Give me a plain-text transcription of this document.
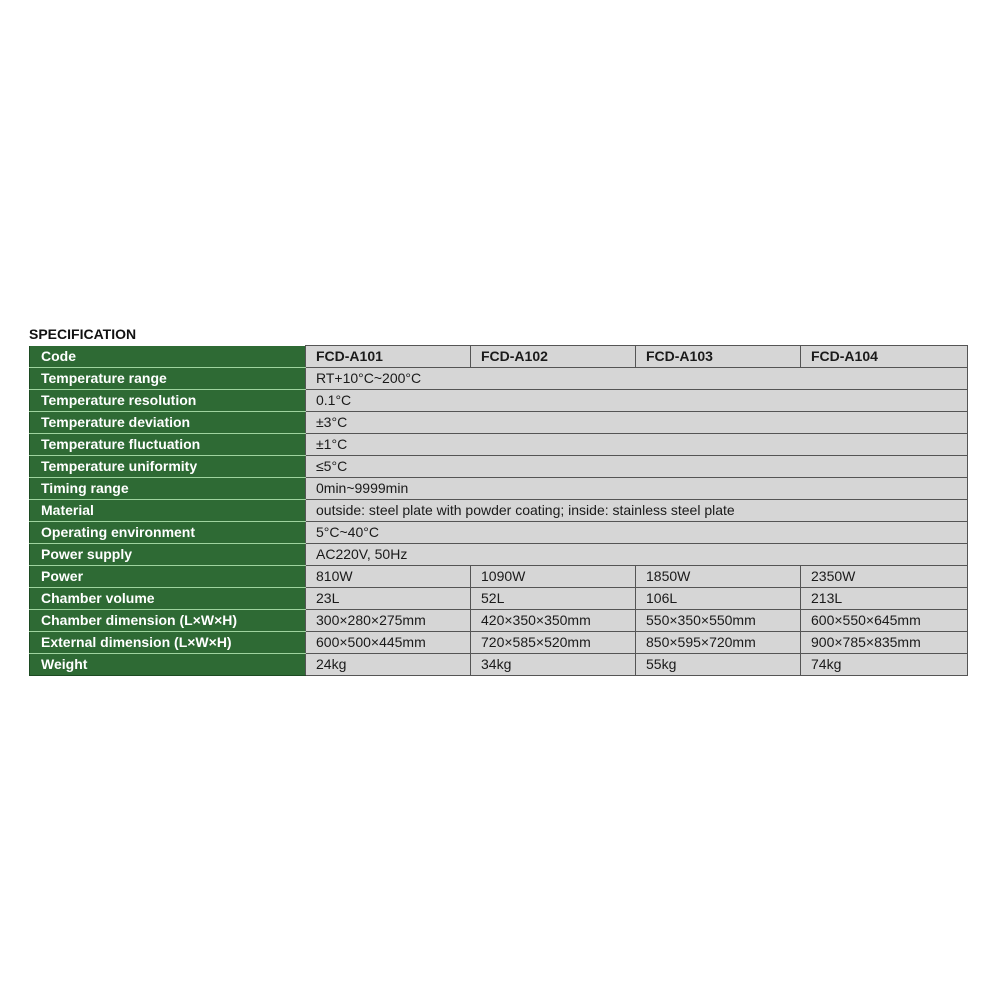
SPECIFICATION
Code	FCD-A101	FCD-A102	FCD-A103	FCD-A104
Temperature range	RT+10°C~200°C			
Temperature resolution	0.1°C			
Temperature deviation	±3°C			
Temperature fluctuation	±1°C			
Temperature uniformity	≤5°C			
Timing range	0min~9999min			
Material	outside: steel plate with powder coating; inside: stainless steel plate			
Operating environment	5°C~40°C			
Power supply	AC220V, 50Hz			
Power	810W	1090W	1850W	2350W
Chamber volume	23L	52L	106L	213L
Chamber dimension (L×W×H)	300×280×275mm	420×350×350mm	550×350×550mm	600×550×645mm
External dimension (L×W×H)	600×500×445mm	720×585×520mm	850×595×720mm	900×785×835mm
Weight	24kg	34kg	55kg	74kg
